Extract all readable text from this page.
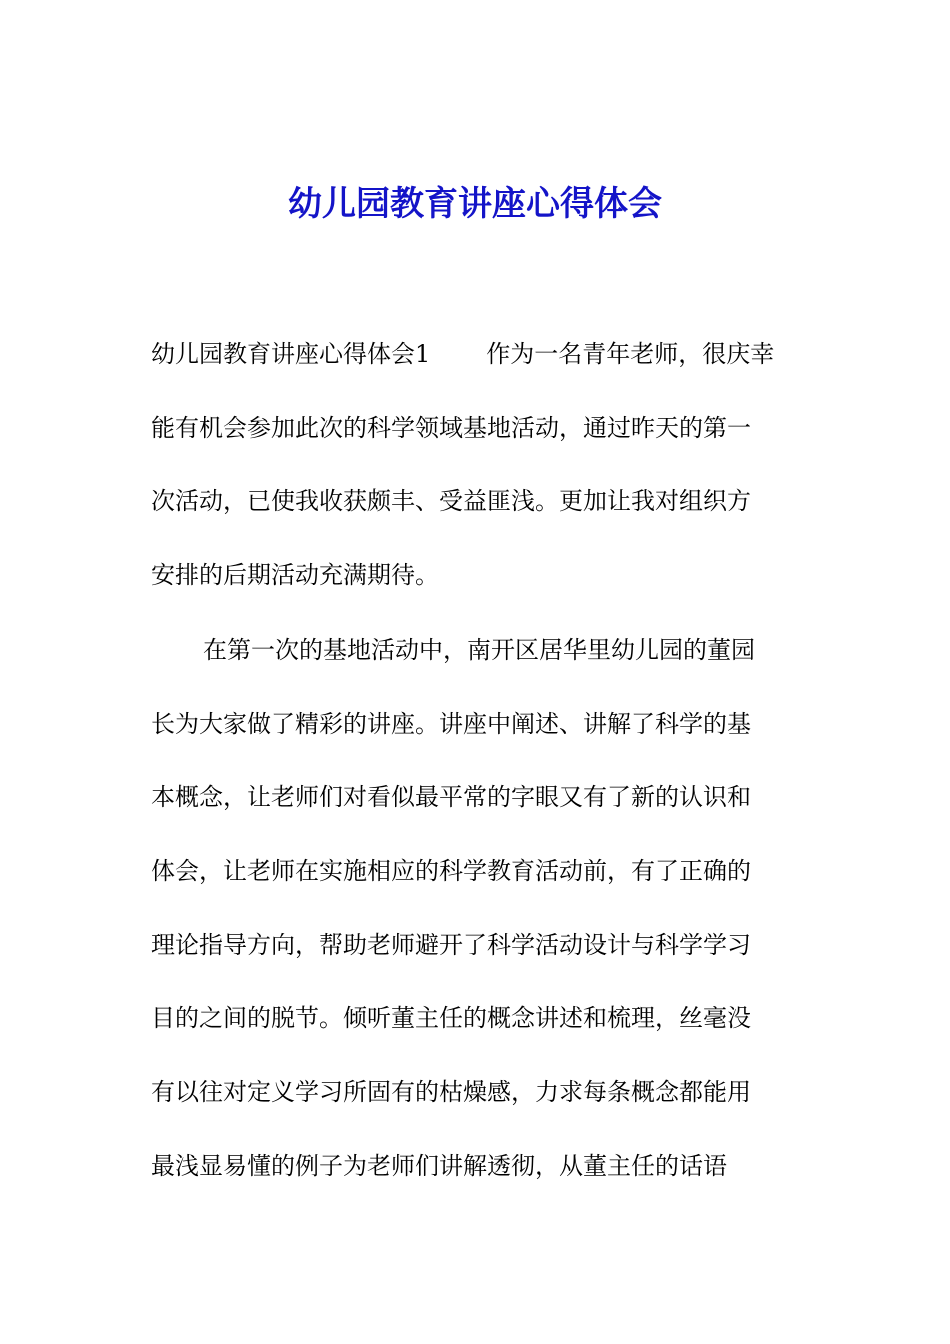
幼儿园教育讲座心得体会
幼儿园教育讲座心得体会1 作为一名青年老师，很庆幸
能有机会参加此次的科学领域基地活动，通过昨天的第一
次活动，已使我收获颇丰、受益匪浅。更加让我对组织方
安排的后期活动充满期待。
在第一次的基地活动中，南开区居华里幼儿园的董园
长为大家做了精彩的讲座。讲座中阐述、讲解了科学的基
本概念，让老师们对看似最平常的字眼又有了新的认识和
体会，让老师在实施相应的科学教育活动前，有了正确的
理论指导方向，帮助老师避开了科学活动设计与科学学习
目的之间的脱节。倾听董主任的概念讲述和梳理，丝毫没
有以往对定义学习所固有的枯燥感，力求每条概念都能用
最浅显易懂的例子为老师们讲解透彻，从董主任的话语
